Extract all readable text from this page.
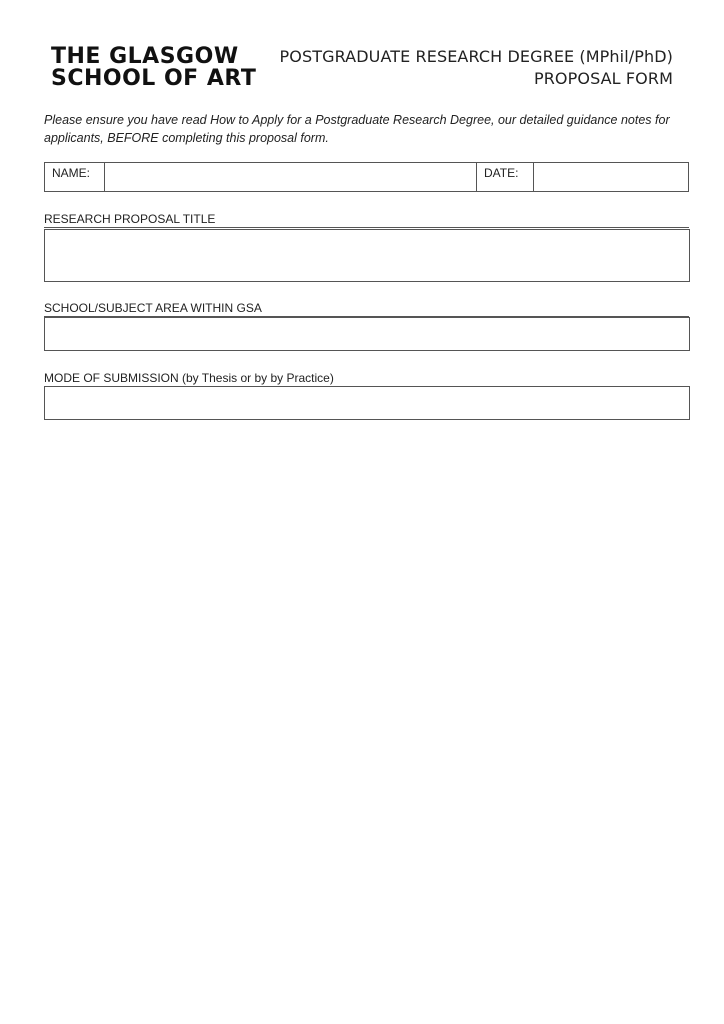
THE GLASGOW
SCHOOL OF ART
POSTGRADUATE RESEARCH DEGREE (MPhil/PhD)
PROPOSAL FORM
Please ensure you have read How to Apply for a Postgraduate Research Degree, our detailed guidance notes for applicants, BEFORE completing this proposal form.
NAME:	DATE:
RESEARCH PROPOSAL TITLE
SCHOOL/SUBJECT AREA WITHIN GSA
MODE OF SUBMISSION (by Thesis or by by Practice)
